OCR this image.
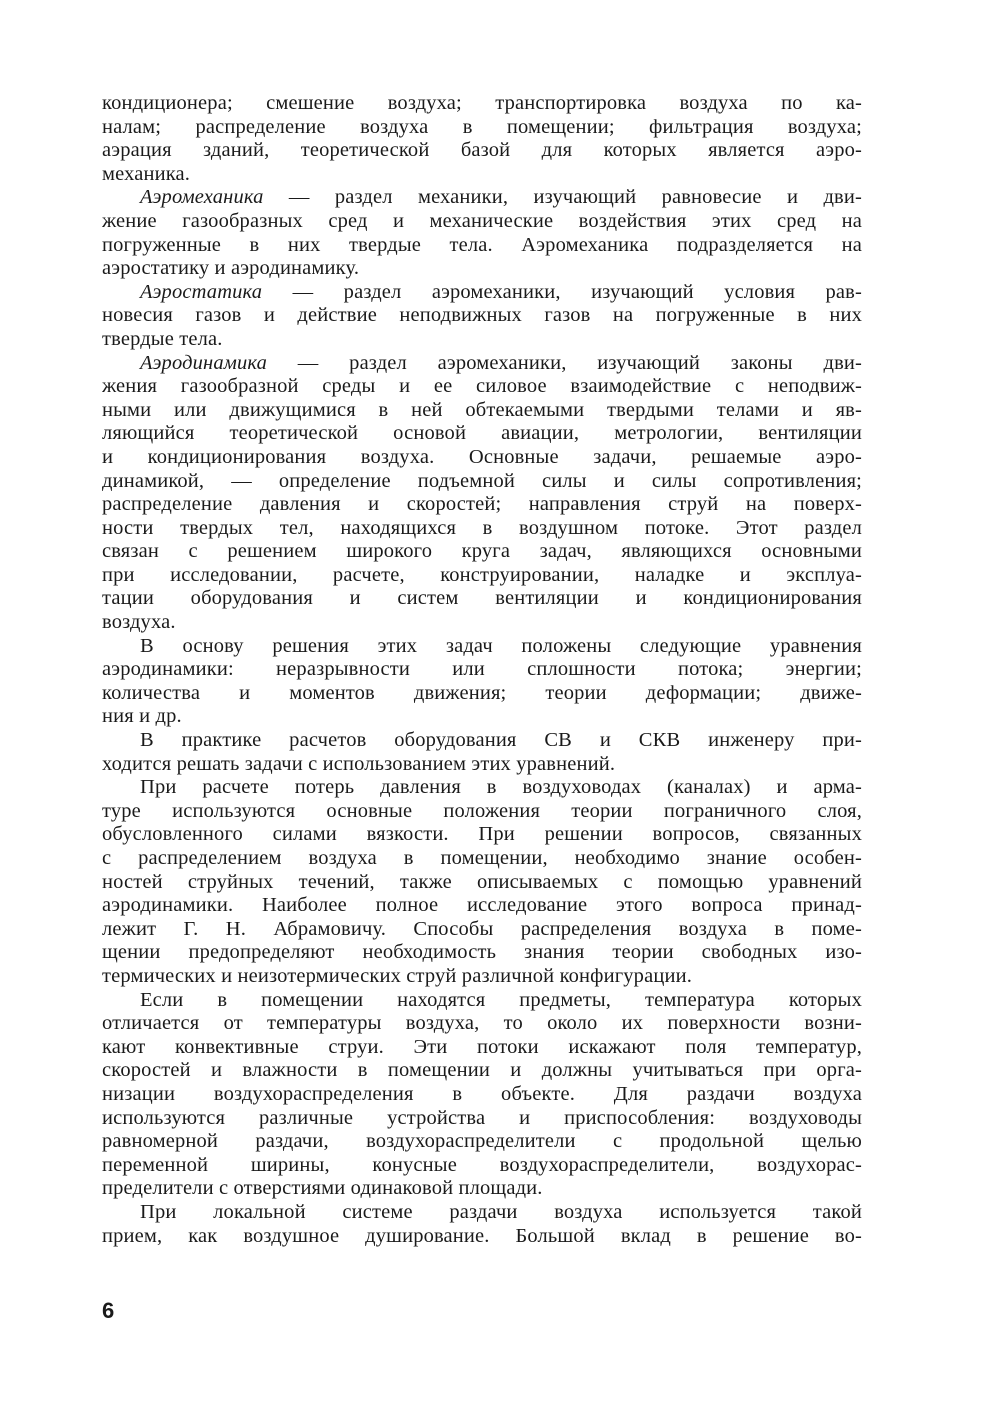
кондиционера; смешение воздуха; транспортировка воздуха по ка-
налам; распределение воздуха в помещении; фильтрация воздуха;
аэрация зданий, теоретической базой для которых является аэро-
механика.
Аэромеханика — раздел механики, изучающий равновесие и дви-
жение газообразных сред и механические воздействия этих сред на
погруженные в них твердые тела. Аэромеханика подразделяется на
аэростатику и аэродинамику.
Аэростатика — раздел аэромеханики, изучающий условия рав-
новесия газов и действие неподвижных газов на погруженные в них
твердые тела.
Аэродинамика — раздел аэромеханики, изучающий законы дви-
жения газообразной среды и ее силовое взаимодействие с неподвиж-
ными или движущимися в ней обтекаемыми твердыми телами и яв-
ляющийся теоретической основой авиации, метрологии, вентиляции
и кондиционирования воздуха. Основные задачи, решаемые аэро-
динамикой, — определение подъемной силы и силы сопротивления;
распределение давления и скоростей; направления струй на поверх-
ности твердых тел, находящихся в воздушном потоке. Этот раздел
связан с решением широкого круга задач, являющихся основными
при исследовании, расчете, конструировании, наладке и эксплуа-
тации оборудования и систем вентиляции и кондиционирования
воздуха.
В основу решения этих задач положены следующие уравнения
аэродинамики: неразрывности или сплошности потока; энергии;
количества и моментов движения; теории деформации; движе-
ния и др.
В практике расчетов оборудования СВ и СКВ инженеру при-
ходится решать задачи с использованием этих уравнений.
При расчете потерь давления в воздуховодах (каналах) и арма-
туре используются основные положения теории пограничного слоя,
обусловленного силами вязкости. При решении вопросов, связанных
с распределением воздуха в помещении, необходимо знание особен-
ностей струйных течений, также описываемых с помощью уравнений
аэродинамики. Наиболее полное исследование этого вопроса принад-
лежит Г. Н. Абрамовичу. Способы распределения воздуха в поме-
щении предопределяют необходимость знания теории свободных изо-
термических и неизотермических струй различной конфигурации.
Если в помещении находятся предметы, температура которых
отличается от температуры воздуха, то около их поверхности возни-
кают конвективные струи. Эти потоки искажают поля температур,
скоростей и влажности в помещении и должны учитываться при орга-
низации воздухораспределения в объекте. Для раздачи воздуха
используются различные устройства и приспособления: воздуховоды
равномерной раздачи, воздухораспределители с продольной щелью
переменной ширины, конусные воздухораспределители, воздухорас-
пределители с отверстиями одинаковой площади.
При локальной системе раздачи воздуха используется такой
прием, как воздушное душирование. Большой вклад в решение во-
6
